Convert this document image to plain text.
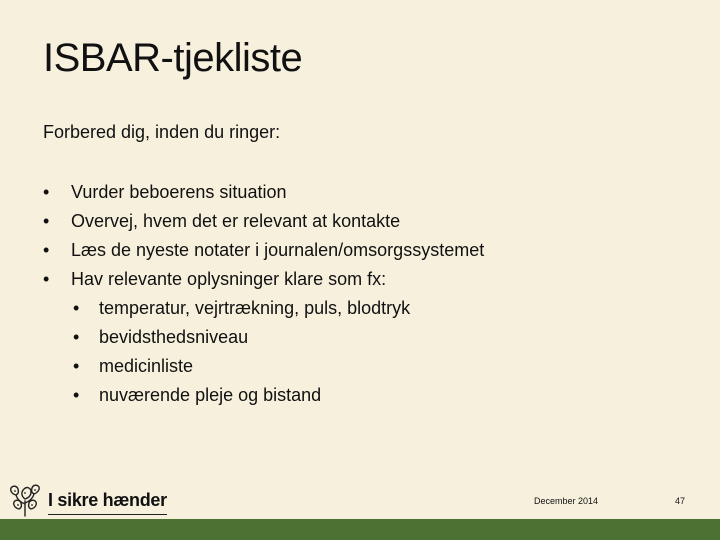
ISBAR-tjekliste
Forbered dig, inden du ringer:
•	Vurder beboerens situation
•	Overvej, hvem det er relevant at kontakte
•	Læs de nyeste notater i journalen/omsorgssystemet
•	Hav relevante oplysninger klare som fx:
•	temperatur, vejrtrækning, puls, blodtryk
•	bevidsthedsniveau
•	medicinliste
•	nuværende pleje og bistand
I sikre hænder	December 2014	47
